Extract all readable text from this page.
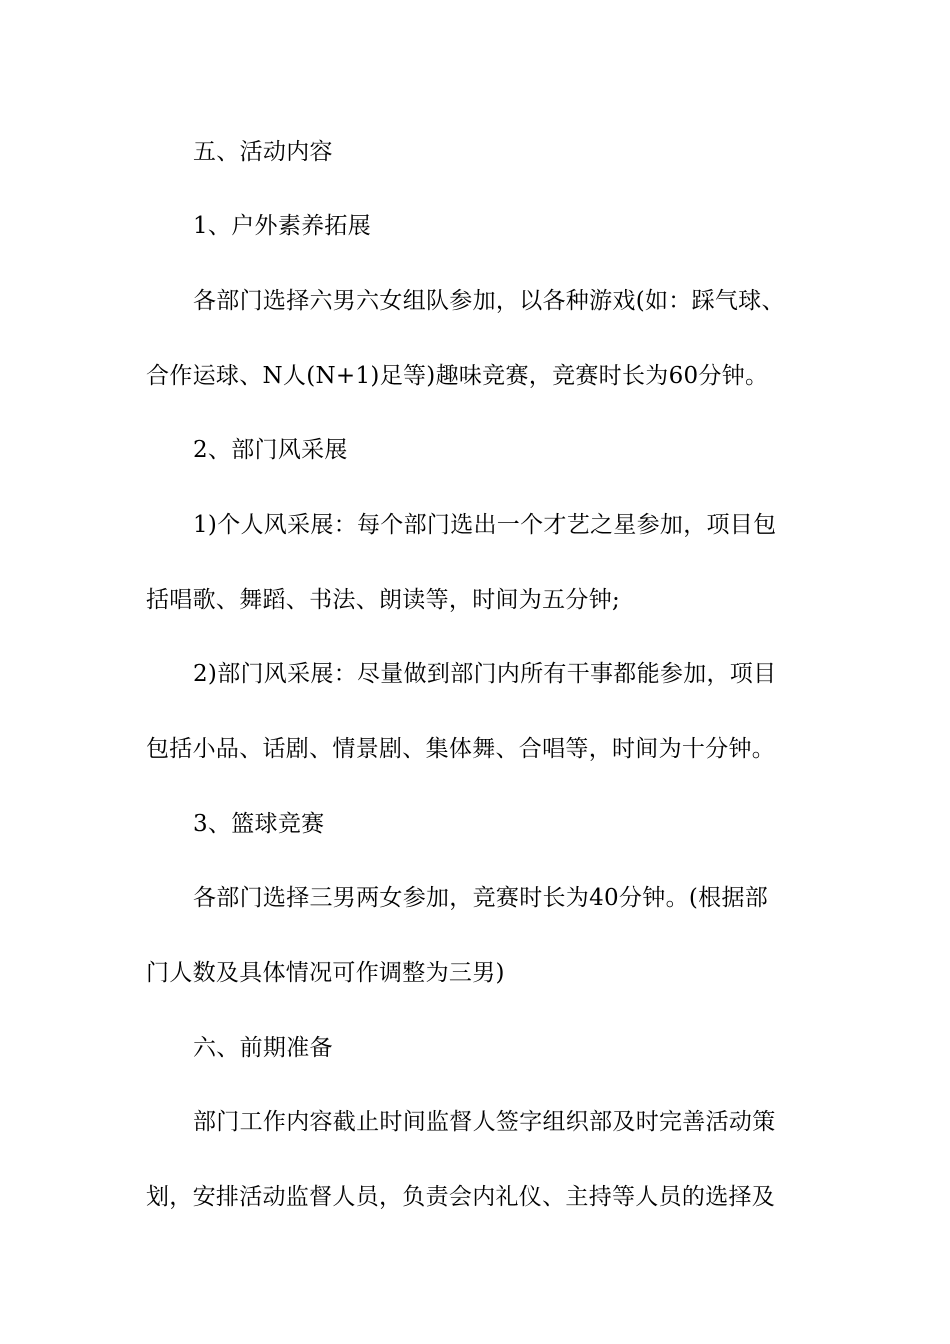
五、活动内容
1、户外素养拓展
各部门选择六男六女组队参加，以各种游戏(如：踩气球、
合作运球、N人(N+1)足等)趣味竞赛，竞赛时长为60分钟。
2、部门风采展
1)个人风采展：每个部门选出一个才艺之星参加，项目包
括唱歌、舞蹈、书法、朗读等，时间为五分钟;
2)部门风采展：尽量做到部门内所有干事都能参加，项目
包括小品、话剧、情景剧、集体舞、合唱等，时间为十分钟。
3、篮球竞赛
各部门选择三男两女参加，竞赛时长为40分钟。(根据部
门人数及具体情况可作调整为三男)
六、前期准备
部门工作内容截止时间监督人签字组织部及时完善活动策
划，安排活动监督人员，负责会内礼仪、主持等人员的选择及
